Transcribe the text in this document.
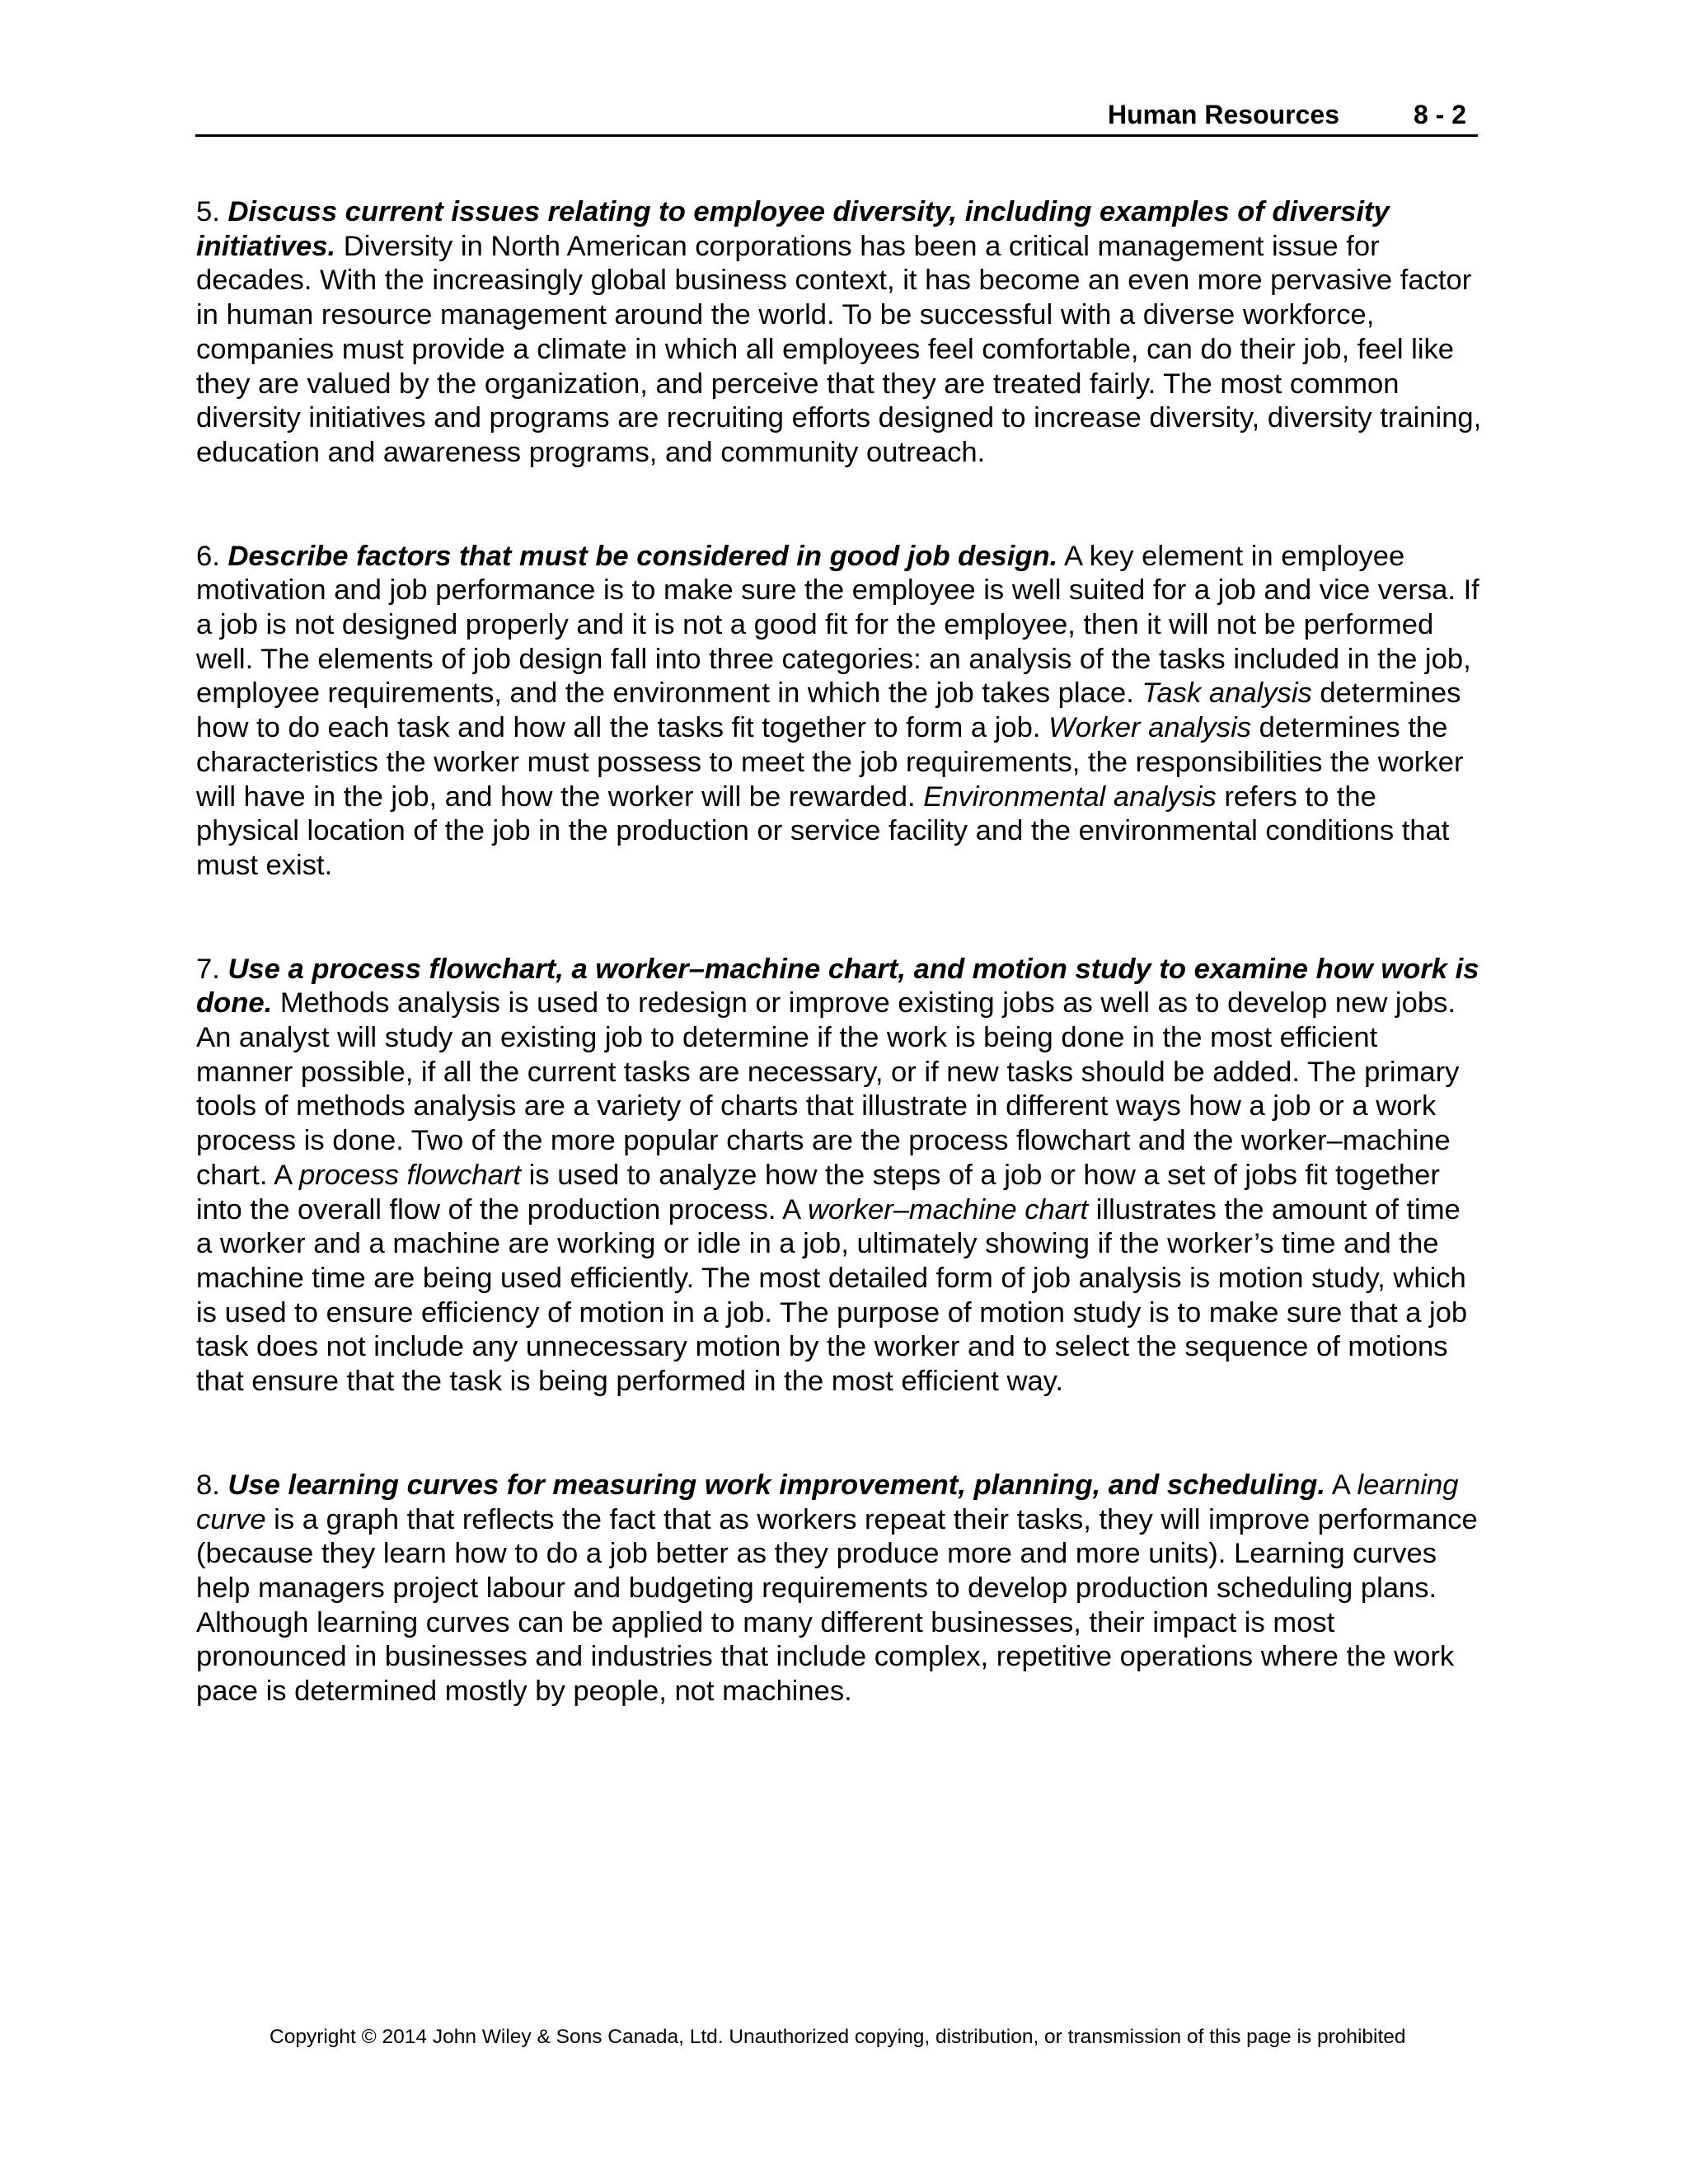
Human Resources	8 - 2

5. Discuss current issues relating to employee diversity, including examples of diversity initiatives. Diversity in North American corporations has been a critical management issue for decades. With the increasingly global business context, it has become an even more pervasive factor in human resource management around the world. To be successful with a diverse workforce, companies must provide a climate in which all employees feel comfortable, can do their job, feel like they are valued by the organization, and perceive that they are treated fairly. The most common diversity initiatives and programs are recruiting efforts designed to increase diversity, diversity training, education and awareness programs, and community outreach.

6. Describe factors that must be considered in good job design. A key element in employee motivation and job performance is to make sure the employee is well suited for a job and vice versa. If a job is not designed properly and it is not a good fit for the employee, then it will not be performed well. The elements of job design fall into three categories: an analysis of the tasks included in the job, employee requirements, and the environment in which the job takes place. Task analysis determines how to do each task and how all the tasks fit together to form a job. Worker analysis determines the characteristics the worker must possess to meet the job requirements, the responsibilities the worker will have in the job, and how the worker will be rewarded. Environmental analysis refers to the physical location of the job in the production or service facility and the environmental conditions that must exist.

7. Use a process flowchart, a worker–machine chart, and motion study to examine how work is done. Methods analysis is used to redesign or improve existing jobs as well as to develop new jobs. An analyst will study an existing job to determine if the work is being done in the most efficient manner possible, if all the current tasks are necessary, or if new tasks should be added. The primary tools of methods analysis are a variety of charts that illustrate in different ways how a job or a work process is done. Two of the more popular charts are the process flowchart and the worker–machine chart. A process flowchart is used to analyze how the steps of a job or how a set of jobs fit together into the overall flow of the production process. A worker–machine chart illustrates the amount of time a worker and a machine are working or idle in a job, ultimately showing if the worker’s time and the machine time are being used efficiently. The most detailed form of job analysis is motion study, which is used to ensure efficiency of motion in a job. The purpose of motion study is to make sure that a job task does not include any unnecessary motion by the worker and to select the sequence of motions that ensure that the task is being performed in the most efficient way.

8. Use learning curves for measuring work improvement, planning, and scheduling. A learning curve is a graph that reflects the fact that as workers repeat their tasks, they will improve performance (because they learn how to do a job better as they produce more and more units). Learning curves help managers project labour and budgeting requirements to develop production scheduling plans. Although learning curves can be applied to many different businesses, their impact is most pronounced in businesses and industries that include complex, repetitive operations where the work pace is determined mostly by people, not machines.

Copyright © 2014 John Wiley & Sons Canada, Ltd. Unauthorized copying, distribution, or transmission of this page is prohibited
